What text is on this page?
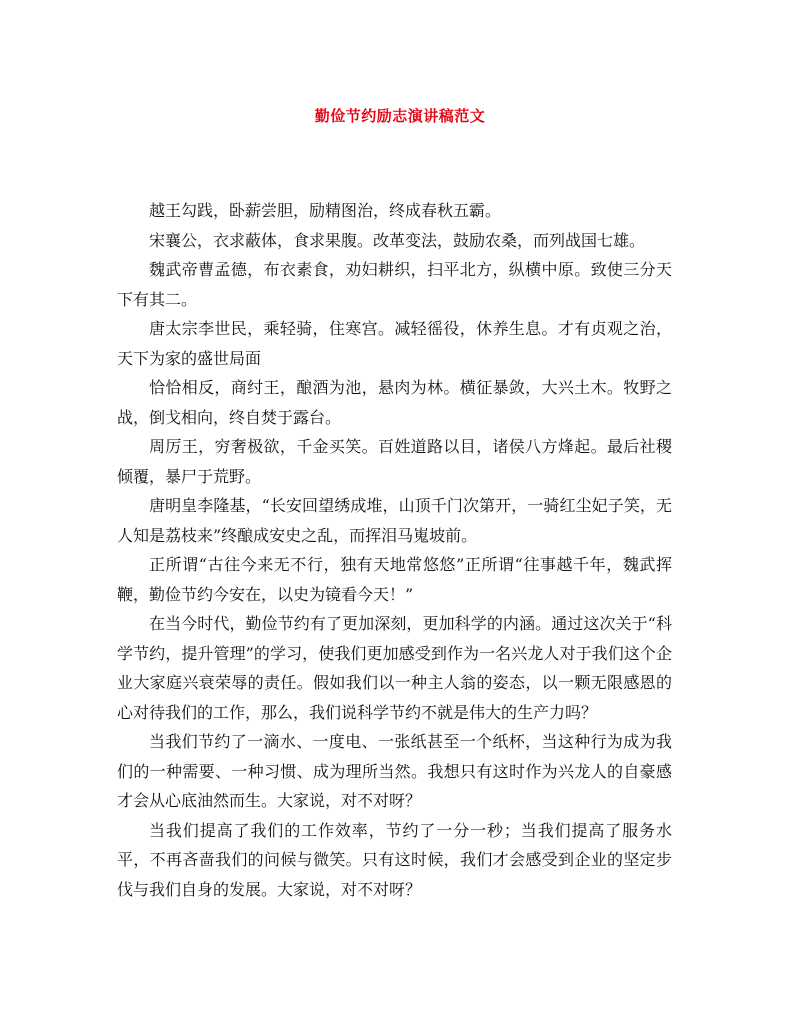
勤俭节约励志演讲稿范文

越王勾践，卧薪尝胆，励精图治，终成春秋五霸。

宋襄公，衣求蔽体，食求果腹。改革变法，鼓励农桑，而列战国七雄。

魏武帝曹孟德，布衣素食，劝妇耕织，扫平北方，纵横中原。致使三分天下有其二。

唐太宗李世民，乘轻骑，住寒宫。减轻徭役，休养生息。才有贞观之治，天下为家的盛世局面

恰恰相反，商纣王，酿酒为池，悬肉为林。横征暴敛，大兴土木。牧野之战，倒戈相向，终自焚于露台。

周厉王，穷奢极欲，千金买笑。百姓道路以目，诸侯八方烽起。最后社稷倾覆，暴尸于荒野。

唐明皇李隆基，“长安回望绣成堆，山顶千门次第开，一骑红尘妃子笑，无人知是荔枝来”终酿成安史之乱，而挥泪马嵬坡前。

正所谓“古往今来无不行，独有天地常悠悠”正所谓“往事越千年，魏武挥鞭，勤俭节约今安在，以史为镜看今天！”

在当今时代，勤俭节约有了更加深刻，更加科学的内涵。通过这次关于“科学节约，提升管理”的学习，使我们更加感受到作为一名兴龙人对于我们这个企业大家庭兴衰荣辱的责任。假如我们以一种主人翁的姿态，以一颗无限感恩的心对待我们的工作，那么，我们说科学节约不就是伟大的生产力吗？

当我们节约了一滴水、一度电、一张纸甚至一个纸杯，当这种行为成为我们的一种需要、一种习惯、成为理所当然。我想只有这时作为兴龙人的自豪感才会从心底油然而生。大家说，对不对呀？

当我们提高了我们的工作效率，节约了一分一秒；当我们提高了服务水平，不再吝啬我们的问候与微笑。只有这时候，我们才会感受到企业的坚定步伐与我们自身的发展。大家说，对不对呀？
